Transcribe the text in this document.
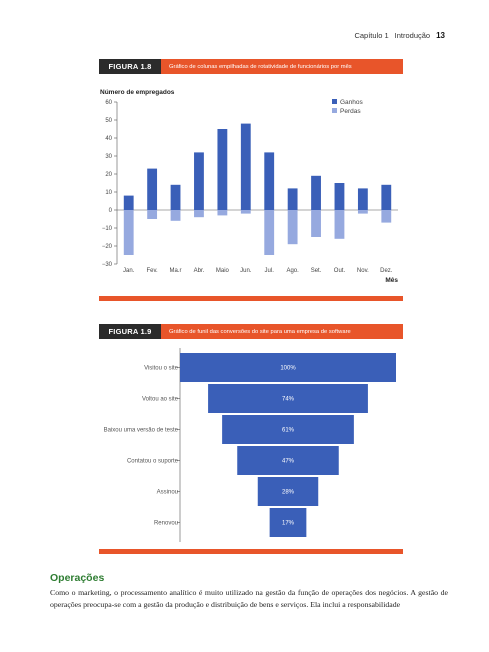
Capítulo 1 Introdução 13
FIGURA 1.8	Gráfico de colunas empilhadas de rotatividade de funcionários por mês
Número de empregados
60
50
40
30
20
10
0
−10
−20
−30
Jan. Fev. Ma.r Abr. Maio Jun. Jul. Ago. Set. Out. Nov. Dez.
Mês
Ganhos
Perdas
FIGURA 1.9	Gráfico de funil das conversões do site para uma empresa de software
100%
Visitou o site
74%
Voltou ao site
61%
Baixou uma versão de teste
47%
Contatou o suporte
28%
Assinou
17%
Renovou
Operações

Como o marketing, o processamento analítico é muito utilizado na gestão da função de operações dos negócios. A gestão de operações preocupa-se com a gestão da produção e distribuição de bens e serviços. Ela inclui a responsabilidade
